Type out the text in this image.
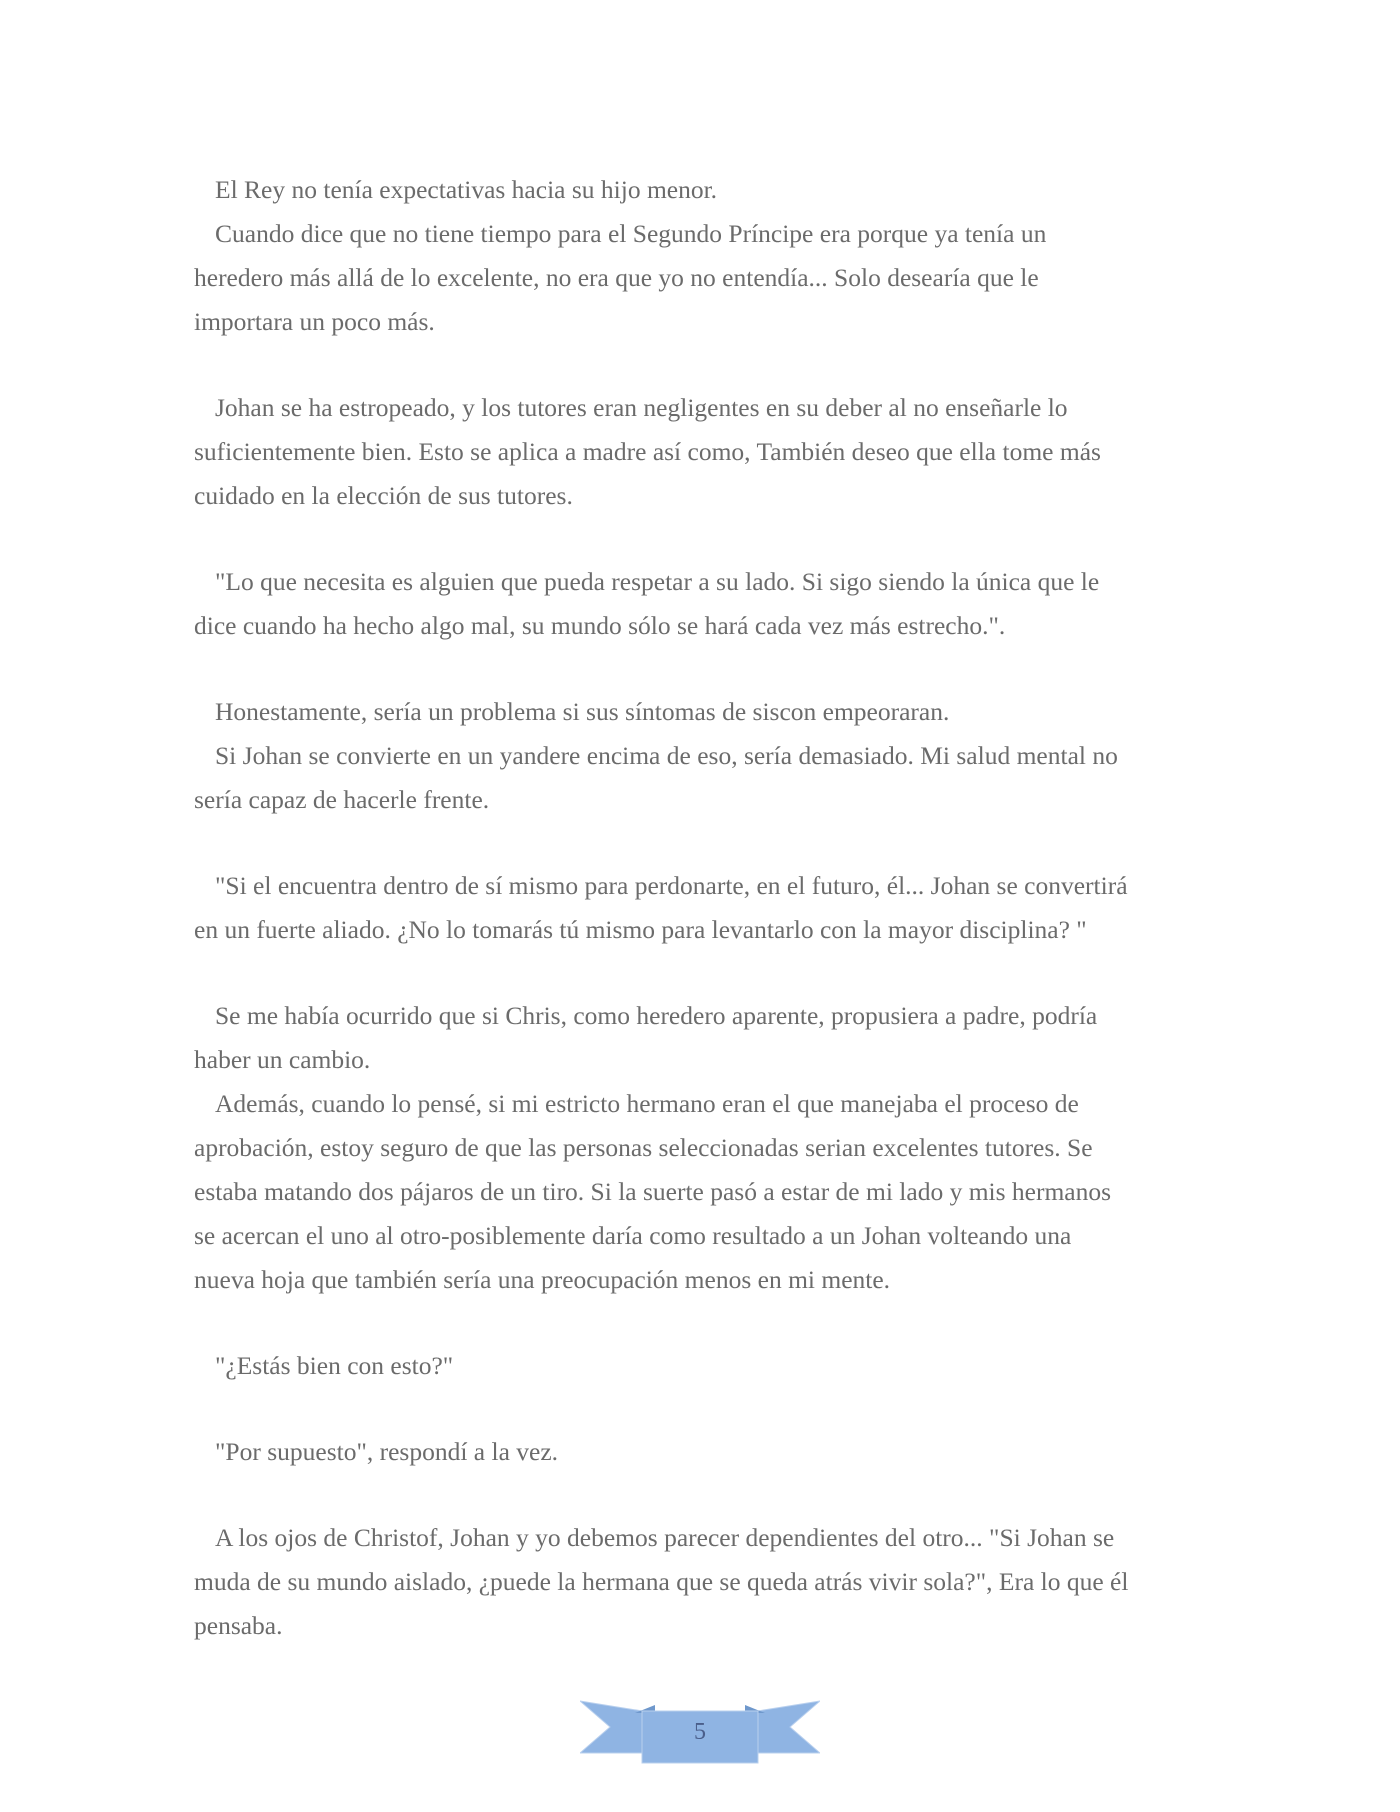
El Rey no tenía expectativas hacia su hijo menor.
Cuando dice que no tiene tiempo para el Segundo Príncipe era porque ya tenía un
heredero más allá de lo excelente, no era que yo no entendía... Solo desearía que le
importara un poco más.
Johan se ha estropeado, y los tutores eran negligentes en su deber al no enseñarle lo
suficientemente bien. Esto se aplica a madre así como, También deseo que ella tome más
cuidado en la elección de sus tutores.
"Lo que necesita es alguien que pueda respetar a su lado. Si sigo siendo la única que le
dice cuando ha hecho algo mal, su mundo sólo se hará cada vez más estrecho.".
Honestamente, sería un problema si sus síntomas de siscon empeoraran.
Si Johan se convierte en un yandere encima de eso, sería demasiado. Mi salud mental no
sería capaz de hacerle frente.
"Si el encuentra dentro de sí mismo para perdonarte, en el futuro, él... Johan se convertirá
en un fuerte aliado. ¿No lo tomarás tú mismo para levantarlo con la mayor disciplina? "
Se me había ocurrido que si Chris, como heredero aparente, propusiera a padre, podría
haber un cambio.
Además, cuando lo pensé, si mi estricto hermano eran el que manejaba el proceso de
aprobación, estoy seguro de que las personas seleccionadas serian excelentes tutores. Se
estaba matando dos pájaros de un tiro. Si la suerte pasó a estar de mi lado y mis hermanos
se acercan el uno al otro-posiblemente daría como resultado a un Johan volteando una
nueva hoja que también sería una preocupación menos en mi mente.
"¿Estás bien con esto?"
"Por supuesto", respondí a la vez.
A los ojos de Christof, Johan y yo debemos parecer dependientes del otro... "Si Johan se
muda de su mundo aislado, ¿puede la hermana que se queda atrás vivir sola?", Era lo que él
pensaba.
5
